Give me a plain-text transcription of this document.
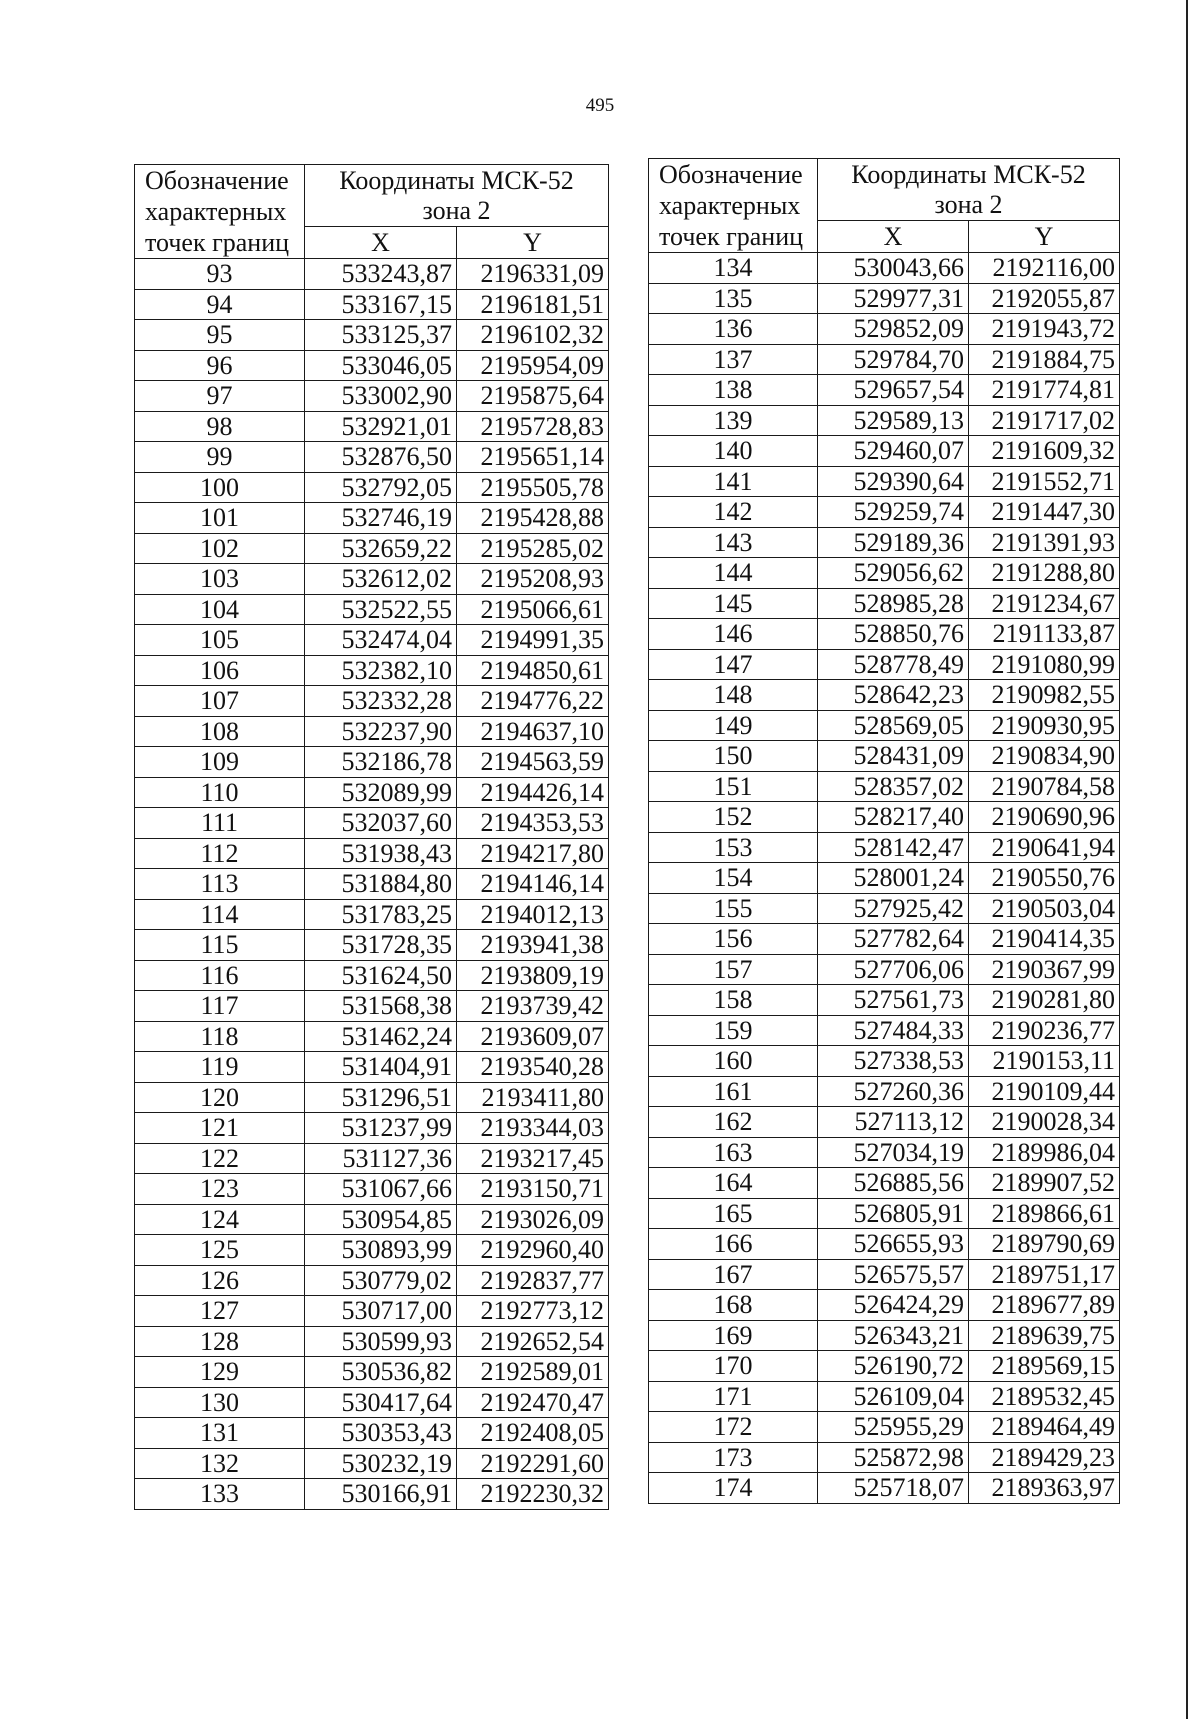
495
Обозначение характерных точек границ	Координаты МСК-52 зона 2	

	X	Y
93	533243,87	2196331,09
94	533167,15	2196181,51
95	533125,37	2196102,32
96	533046,05	2195954,09
97	533002,90	2195875,64
98	532921,01	2195728,83
99	532876,50	2195651,14
100	532792,05	2195505,78
101	532746,19	2195428,88
102	532659,22	2195285,02
103	532612,02	2195208,93
104	532522,55	2195066,61
105	532474,04	2194991,35
106	532382,10	2194850,61
107	532332,28	2194776,22
108	532237,90	2194637,10
109	532186,78	2194563,59
110	532089,99	2194426,14
111	532037,60	2194353,53
112	531938,43	2194217,80
113	531884,80	2194146,14
114	531783,25	2194012,13
115	531728,35	2193941,38
116	531624,50	2193809,19
117	531568,38	2193739,42
118	531462,24	2193609,07
119	531404,91	2193540,28
120	531296,51	2193411,80
121	531237,99	2193344,03
122	531127,36	2193217,45
123	531067,66	2193150,71
124	530954,85	2193026,09
125	530893,99	2192960,40
126	530779,02	2192837,77
127	530717,00	2192773,12
128	530599,93	2192652,54
129	530536,82	2192589,01
130	530417,64	2192470,47
131	530353,43	2192408,05
132	530232,19	2192291,60
133	530166,91	2192230,32
Обозначение характерных точек границ	Координаты МСК-52 зона 2	

	X	Y
134	530043,66	2192116,00
135	529977,31	2192055,87
136	529852,09	2191943,72
137	529784,70	2191884,75
138	529657,54	2191774,81
139	529589,13	2191717,02
140	529460,07	2191609,32
141	529390,64	2191552,71
142	529259,74	2191447,30
143	529189,36	2191391,93
144	529056,62	2191288,80
145	528985,28	2191234,67
146	528850,76	2191133,87
147	528778,49	2191080,99
148	528642,23	2190982,55
149	528569,05	2190930,95
150	528431,09	2190834,90
151	528357,02	2190784,58
152	528217,40	2190690,96
153	528142,47	2190641,94
154	528001,24	2190550,76
155	527925,42	2190503,04
156	527782,64	2190414,35
157	527706,06	2190367,99
158	527561,73	2190281,80
159	527484,33	2190236,77
160	527338,53	2190153,11
161	527260,36	2190109,44
162	527113,12	2190028,34
163	527034,19	2189986,04
164	526885,56	2189907,52
165	526805,91	2189866,61
166	526655,93	2189790,69
167	526575,57	2189751,17
168	526424,29	2189677,89
169	526343,21	2189639,75
170	526190,72	2189569,15
171	526109,04	2189532,45
172	525955,29	2189464,49
173	525872,98	2189429,23
174	525718,07	2189363,97
